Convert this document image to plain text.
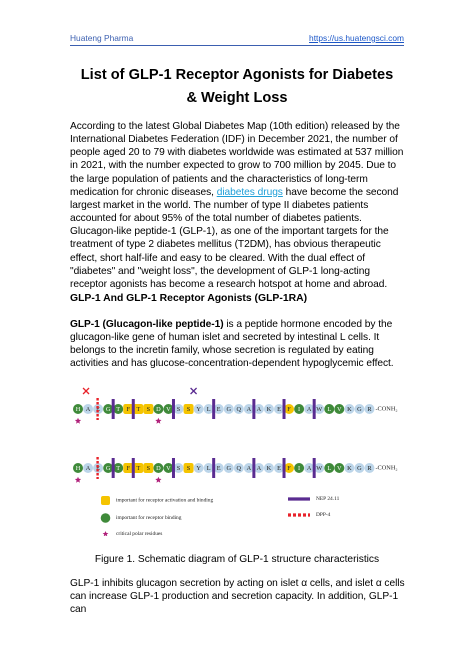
Huateng Pharma	https://us.huatengsci.com
List of GLP-1 Receptor Agonists for Diabetes
& Weight Loss

According to the latest Global Diabetes Map (10th edition) released by the International Diabetes Federation (IDF) in December 2021, the number of people aged 20 to 79 with diabetes worldwide was estimated at 537 million in 2021, with the number expected to grow to 700 million by 2045. Due to the large population of patients and the characteristics of long-term medication for chronic diseases, diabetes drugs have become the second largest market in the world. The number of type II diabetes patients accounted for about 95% of the total number of diabetes patients. Glucagon-like peptide-1 (GLP-1), as one of the important targets for the treatment of type 2 diabetes mellitus (T2DM), has obvious therapeutic effect, short half-life and easy to be cleared. With the dual effect of "diabetes" and "weight loss", the development of GLP-1 long-acting receptor agonists has become a research hotspot at home and abroad.

GLP-1 And GLP-1 Receptor Agonists (GLP-1RA)

GLP-1 (Glucagon-like peptide-1) is a peptide hormone encoded by the glucagon-like gene of human islet and secreted by intestinal L cells. It belongs to the incretin family, whose secretion is regulated by eating activities and has glucose-concentration-dependent hypoglycemic effect.

H A E G T F T S D V S S Y L E G Q A A K E F I A W L V K G R -CONH₂
H A E G T F T S D V S S Y L E G Q A A K E F I A W L V K G R -CONH₂
important for receptor activation and binding
important for receptor binding
critical polar residues
NEP 24.11
DPP-4
Figure 1. Schematic diagram of GLP-1 structure characteristics

GLP-1 inhibits glucagon secretion by acting on islet α cells, and islet α cells can increase GLP-1 production and secretion capacity. In addition, GLP-1 can
